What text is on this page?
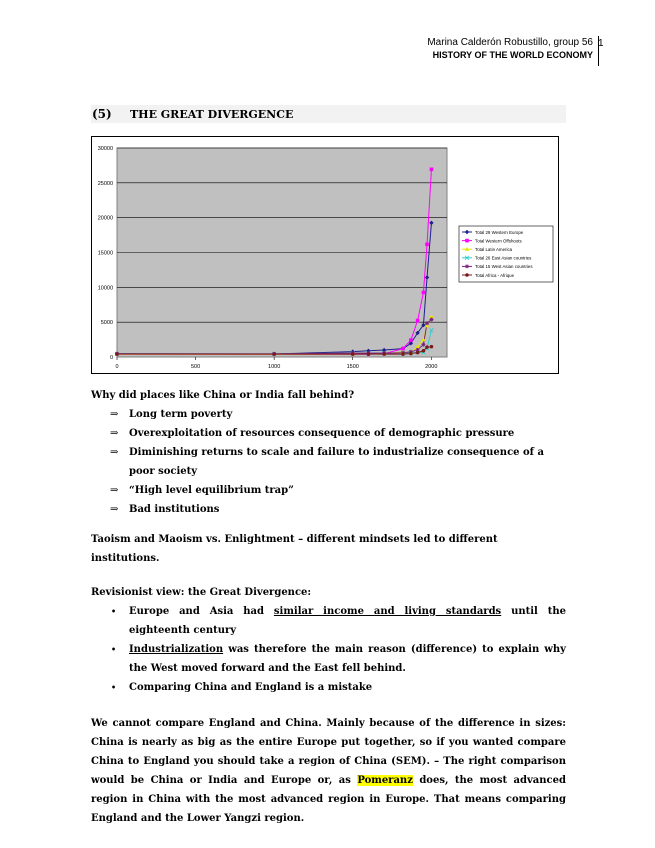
Marina Calderón Robustillo, group 56
HISTORY OF THE WORLD ECONOMY
1
(5) THE GREAT DIVERGENCE
0
5000
10000
15000
20000
25000
30000
0	500	1000	1500	2000
Total 29 Western Europe
Total Western Offshoots
Total Latin America
Total 26 East Asian countries
Total 15 West Asian countries
Total Africa - Afrique

Why did places like China or India fall behind?

⇒ Long term poverty
⇒ Overexploitation of resources consequence of demographic pressure
⇒ Diminishing returns to scale and failure to industrialize consequence of a poor society
⇒ “High level equilibrium trap”
⇒ Bad institutions

Taoism and Maoism vs. Enlightment – different mindsets led to different institutions.

Revisionist view: the Great Divergence:

• Europe and Asia had similar income and living standards until the eighteenth century
• Industrialization was therefore the main reason (difference) to explain why the West moved forward and the East fell behind.
• Comparing China and England is a mistake

We cannot compare England and China. Mainly because of the difference in sizes: China is nearly as big as the entire Europe put together, so if you wanted compare China to England you should take a region of China (SEM). – The right comparison would be China or India and Europe or, as Pomeranz does, the most advanced region in China with the most advanced region in Europe. That means comparing England and the Lower Yangzi region.
